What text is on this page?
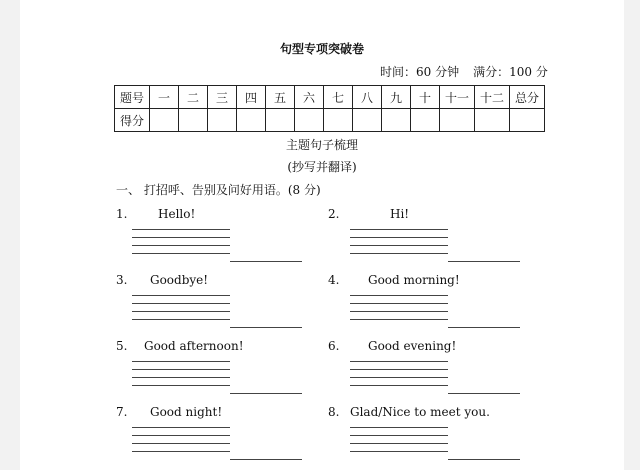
句型专项突破卷
时间：60 分钟 满分：100 分
题号	一	二	三	四	五	六	七	八	九	十	十一	十二	总分
得分													
主题句子梳理
(抄写并翻译)
一、 打招呼、告别及问好用语。(8 分)
1.	Hello!	2.	Hi!
3. Goodbye!	4. Good morning!
5. Good afternoon!	6. Good evening!
7. Good night!	8. Glad/Nice to meet you.
